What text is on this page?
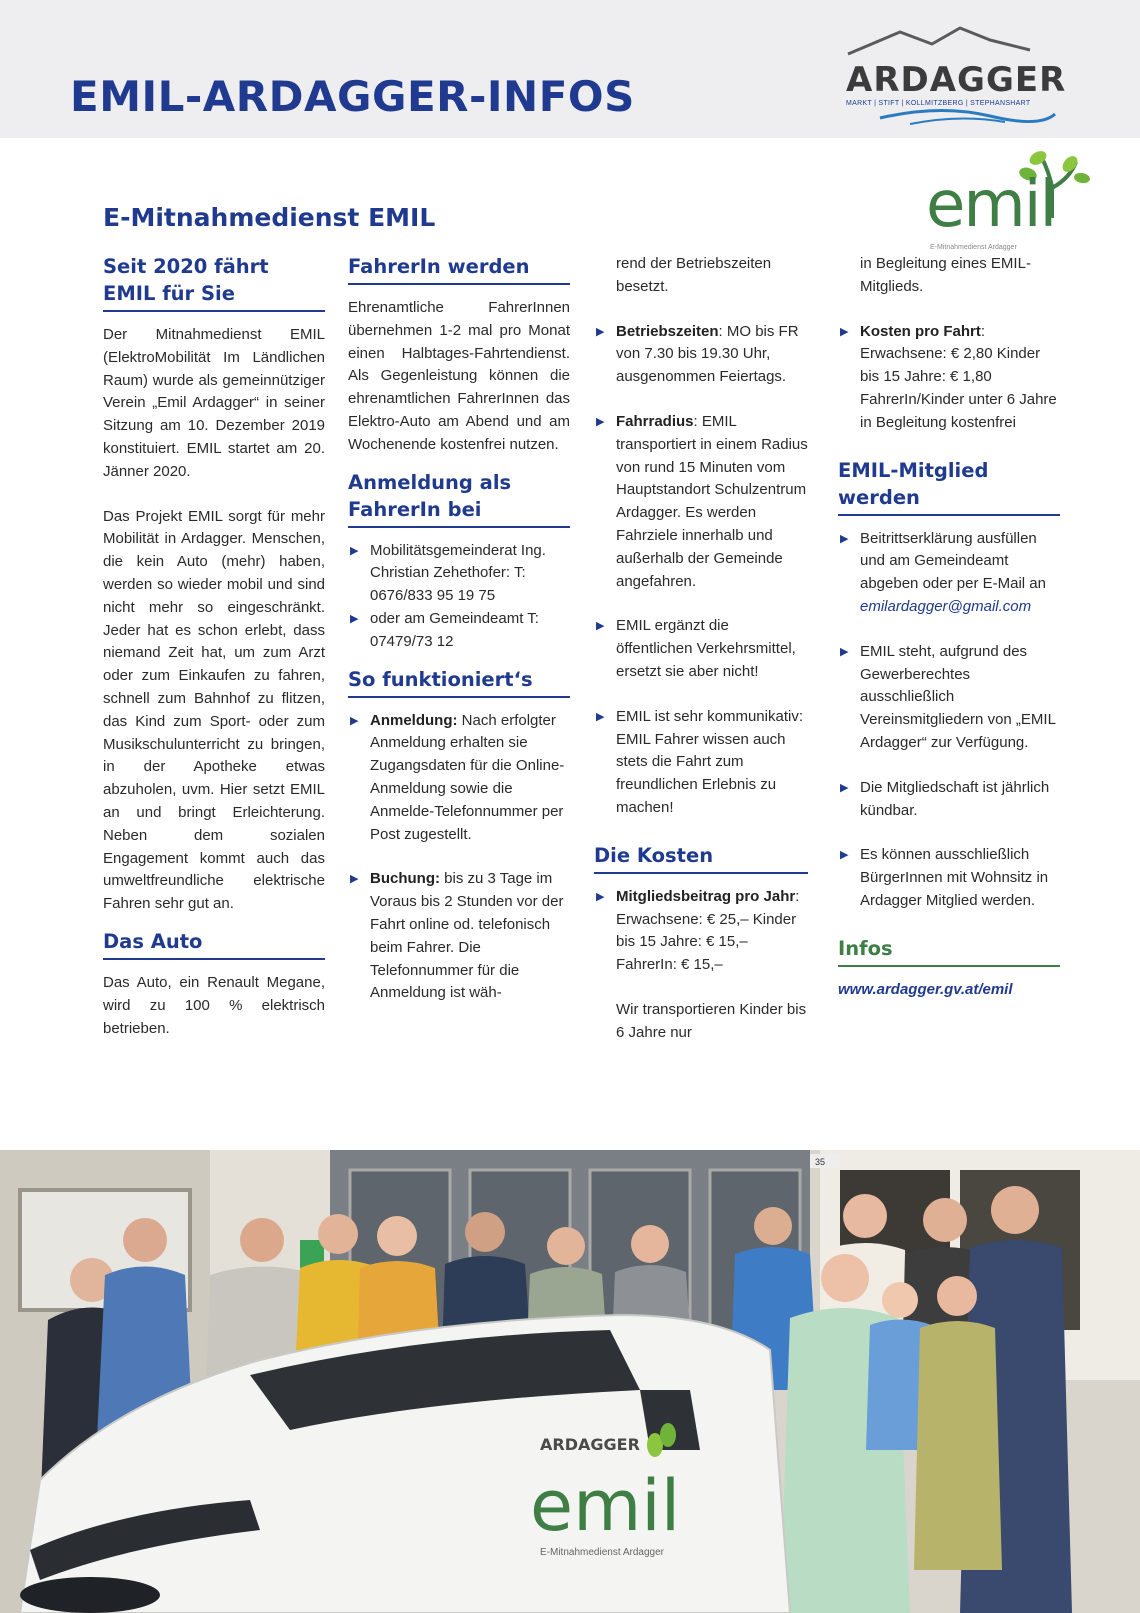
EMIL-ARDAGGER-INFOS	ARDAGGER
MARKT | STIFT | KOLLMITZBERG | STEPHANSHART
emil
E-Mitnahmedienst Ardagger
E-Mitnahmedienst EMIL
Seit 2020 fährt EMIL für Sie

Der Mitnahmedienst EMIL (ElektroMobilität Im Ländlichen Raum) wurde als gemeinnütziger Verein „Emil Ardagger“ in seiner Sitzung am 10. Dezember 2019 konstituiert. EMIL startet am 20. Jänner 2020.

Das Projekt EMIL sorgt für mehr Mobilität in Ardagger. Menschen, die kein Auto (mehr) haben, werden so wieder mobil und sind nicht mehr so eingeschränkt. Jeder hat es schon erlebt, dass niemand Zeit hat, um zum Arzt oder zum Einkaufen zu fahren, schnell zum Bahnhof zu flitzen, das Kind zum Sport- oder zum Musikschulunterricht zu bringen, in der Apotheke etwas abzuholen, uvm. Hier setzt EMIL an und bringt Erleichterung. Neben dem sozialen Engagement kommt auch das umweltfreundliche elektrische Fahren sehr gut an.

Das Auto

Das Auto, ein Renault Megane, wird zu 100 % elektrisch betrieben.

FahrerIn werden

Ehrenamtliche FahrerInnen übernehmen 1-2 mal pro Monat einen Halbtages-Fahrtendienst. Als Gegenleistung können die ehrenamtlichen FahrerInnen das Elektro-Auto am Abend und am Wochenende kostenfrei nutzen.

Anmeldung als FahrerIn bei
▶ Mobilitätsgemeinderat Ing. Christian Zehethofer: T: 0676/833 95 19 75
▶ oder am Gemeindeamt T: 07479/73 12
So funktioniert‘s
▶ Anmeldung: Nach erfolgter Anmeldung erhalten sie Zugangsdaten für die Online-Anmeldung sowie die Anmelde-Telefonnummer per Post zugestellt.
▶ Buchung: bis zu 3 Tage im Voraus bis 2 Stunden vor der Fahrt online od. telefonisch beim Fahrer. Die Telefonnummer für die Anmeldung ist wäh-
rend der Betriebszeiten besetzt.
▶ Betriebszeiten: MO bis FR von 7.30 bis 19.30 Uhr, ausgenommen Feiertags.
▶ Fahrradius: EMIL transportiert in einem Radius von rund 15 Minuten vom Hauptstandort Schulzentrum Ardagger. Es werden Fahrziele innerhalb und außerhalb der Gemeinde angefahren.
▶ EMIL ergänzt die öffentlichen Verkehrsmittel, ersetzt sie aber nicht!
▶ EMIL ist sehr kommunikativ: EMIL Fahrer wissen auch stets die Fahrt zum freundlichen Erlebnis zu machen!
Die Kosten
▶ Mitgliedsbeitrag pro Jahr: Erwachsene: € 25,– Kinder bis 15 Jahre: € 15,– FahrerIn: € 15,–
Wir transportieren Kinder bis 6 Jahre nur
in Begleitung eines EMIL-Mitglieds.
▶ Kosten pro Fahrt: Erwachsene: € 2,80 Kinder bis 15 Jahre: € 1,80 FahrerIn/Kinder unter 6 Jahre in Begleitung kostenfrei
EMIL-Mitglied werden
▶ Beitrittserklärung ausfüllen und am Gemeindeamt abgeben oder per E-Mail an emilardagger@gmail.com
▶ EMIL steht, aufgrund des Gewerberechtes ausschließlich Vereinsmitgliedern von „EMIL Ardagger“ zur Verfügung.
▶ Die Mitgliedschaft ist jährlich kündbar.
▶ Es können ausschließlich BürgerInnen mit Wohnsitz in Ardagger Mitglied werden.
Infos
www.ardagger.gv.at/emil
35
ARDAGGER
emil
E-Mitnahmedienst Ardagger
